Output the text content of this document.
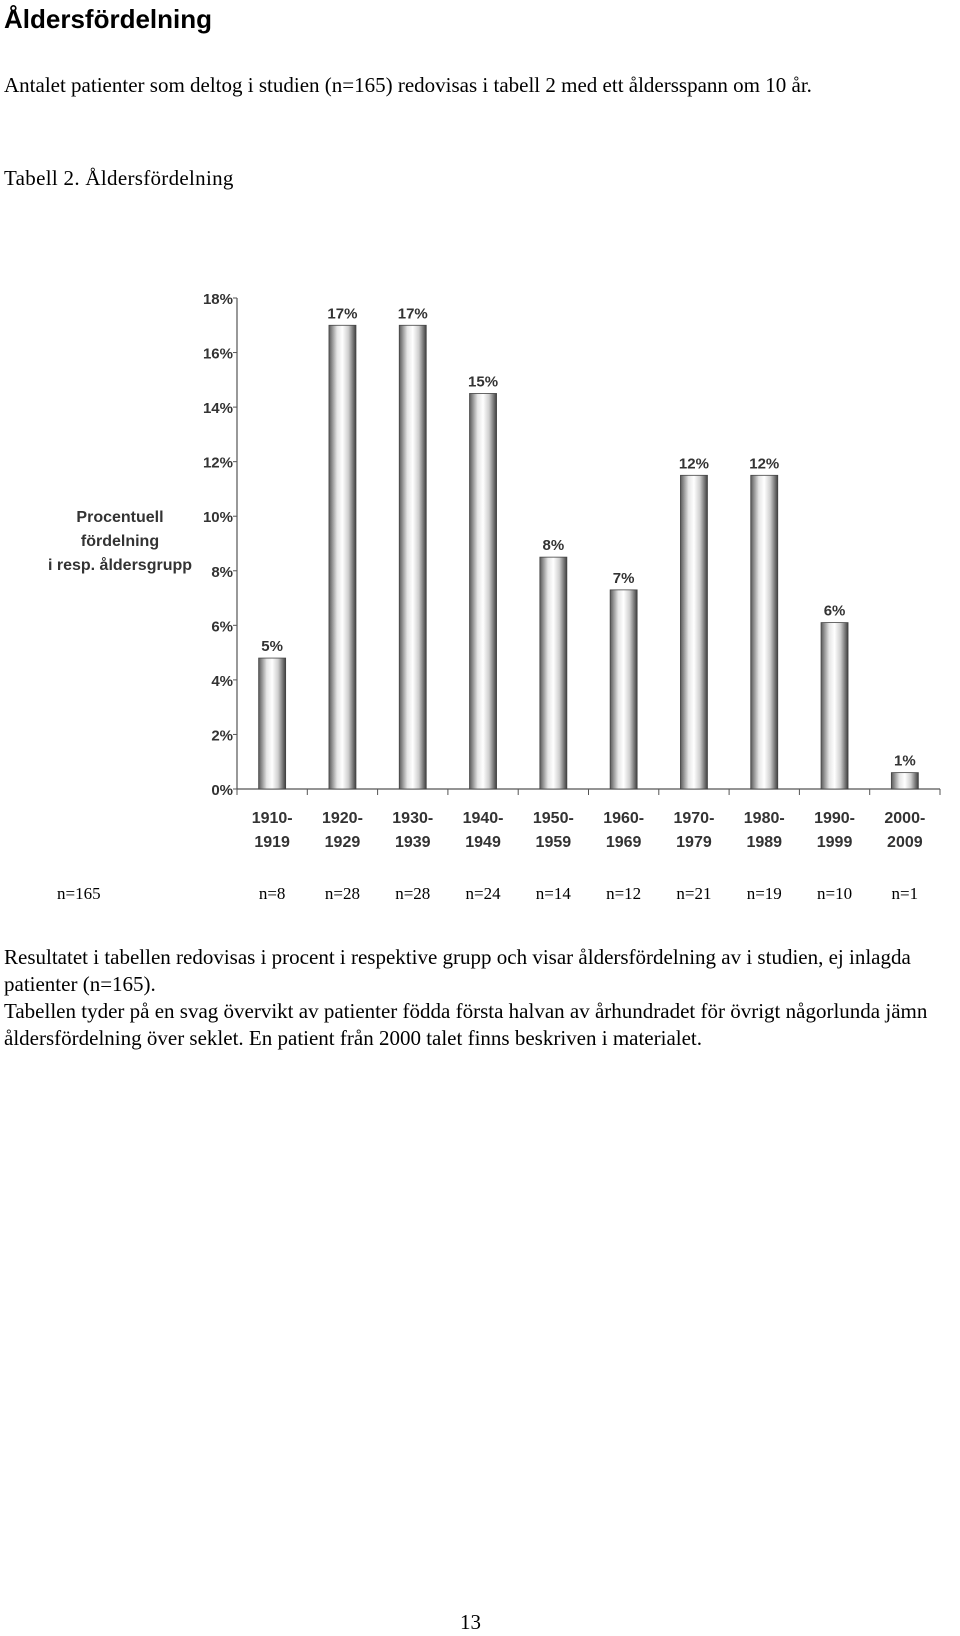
Åldersfördelning

Antalet patienter som deltog i studien (n=165) redovisas i tabell 2 med ett åldersspann om 10 år.

Tabell 2. Åldersfördelning
Procentuell
fördelning
i resp. åldersgrupp
0%
2%
4%
6%
8%
10%
12%
14%
16%
18%
5%
17%	17%
15%
8%
7%
12%	12%
6%
1%
1910-
1919
1920-
1929
1930-
1939
1940-
1949
1950-
1959
1960-
1969
1970-
1979
1980-
1989
1990-
1999
2000-
2009
n=165	n=8	n=28	n=28	n=24	n=14	n=12	n=21	n=19	n=10	n=1

Resultatet i tabellen redovisas i procent i respektive grupp och visar åldersfördelning av i studien, ej inlagda patienter (n=165).
Tabellen tyder på en svag övervikt av patienter födda första halvan av århundradet för övrigt någorlunda jämn åldersfördelning över seklet. En patient från 2000 talet finns beskriven i materialet.

13
